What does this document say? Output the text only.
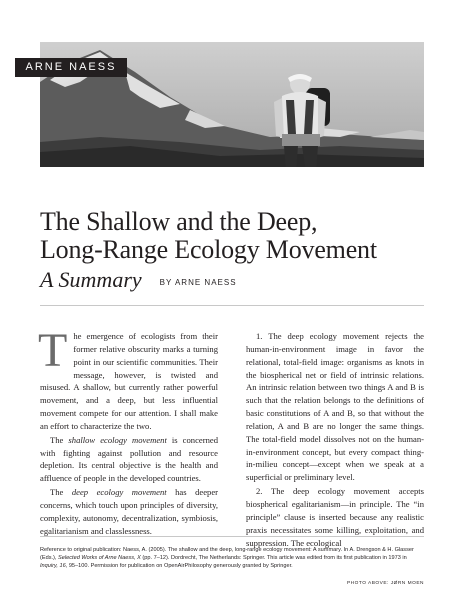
ARNE NAESS
The Shallow and the Deep,
Long-Range Ecology Movement
A Summary BY ARNE NAESS

The emergence of ecologists from their former relative obscurity marks a turning point in our scientific communities. Their message, however, is twisted and misused. A shallow, but currently rather powerful movement, and a deep, but less influential movement compete for our attention. I shall make an effort to characterize the two.

The shallow ecology movement is concerned with fighting against pollution and resource depletion. Its central objective is the health and affluence of people in the developed countries.

The deep ecology movement has deeper concerns, which touch upon principles of diversity, complexity, autonomy, decentralization, symbiosis, egalitarianism and classlessness.

1. The deep ecology movement rejects the human-in-environment image in favor the relational, total-field image: organisms as knots in the biospherical net or field of intrinsic relations. An intrinsic relation between two things A and B is such that the relation belongs to the definitions of basic constitutions of A and B, so that without the relation, A and B are no longer the same things. The total-field model dissolves not on the human-in-environment concept, but every compact thing-in-milieu concept—except when we speak at a superficial or preliminary level.

2. The deep ecology movement accepts biospherical egalitarianism—in principle. The “in principle” clause is inserted because any realistic praxis necessitates some killing, exploitation, and suppression. The ecological

Reference to original publication: Naess, A. (2005). The shallow and the deep, long-range ecology movement: A summary. In A. Drengson & H. Glasser (Eds.), Selected Works of Arne Naess, X (pp. 7–12). Dordrecht, The Netherlands: Springer. This article was edited from its first publication in 1973 in Inquiry, 16, 95–100. Permission for publication on OpenAirPhilosophy generously granted by Springer.
PHOTO ABOVE: JØRN MOEN
